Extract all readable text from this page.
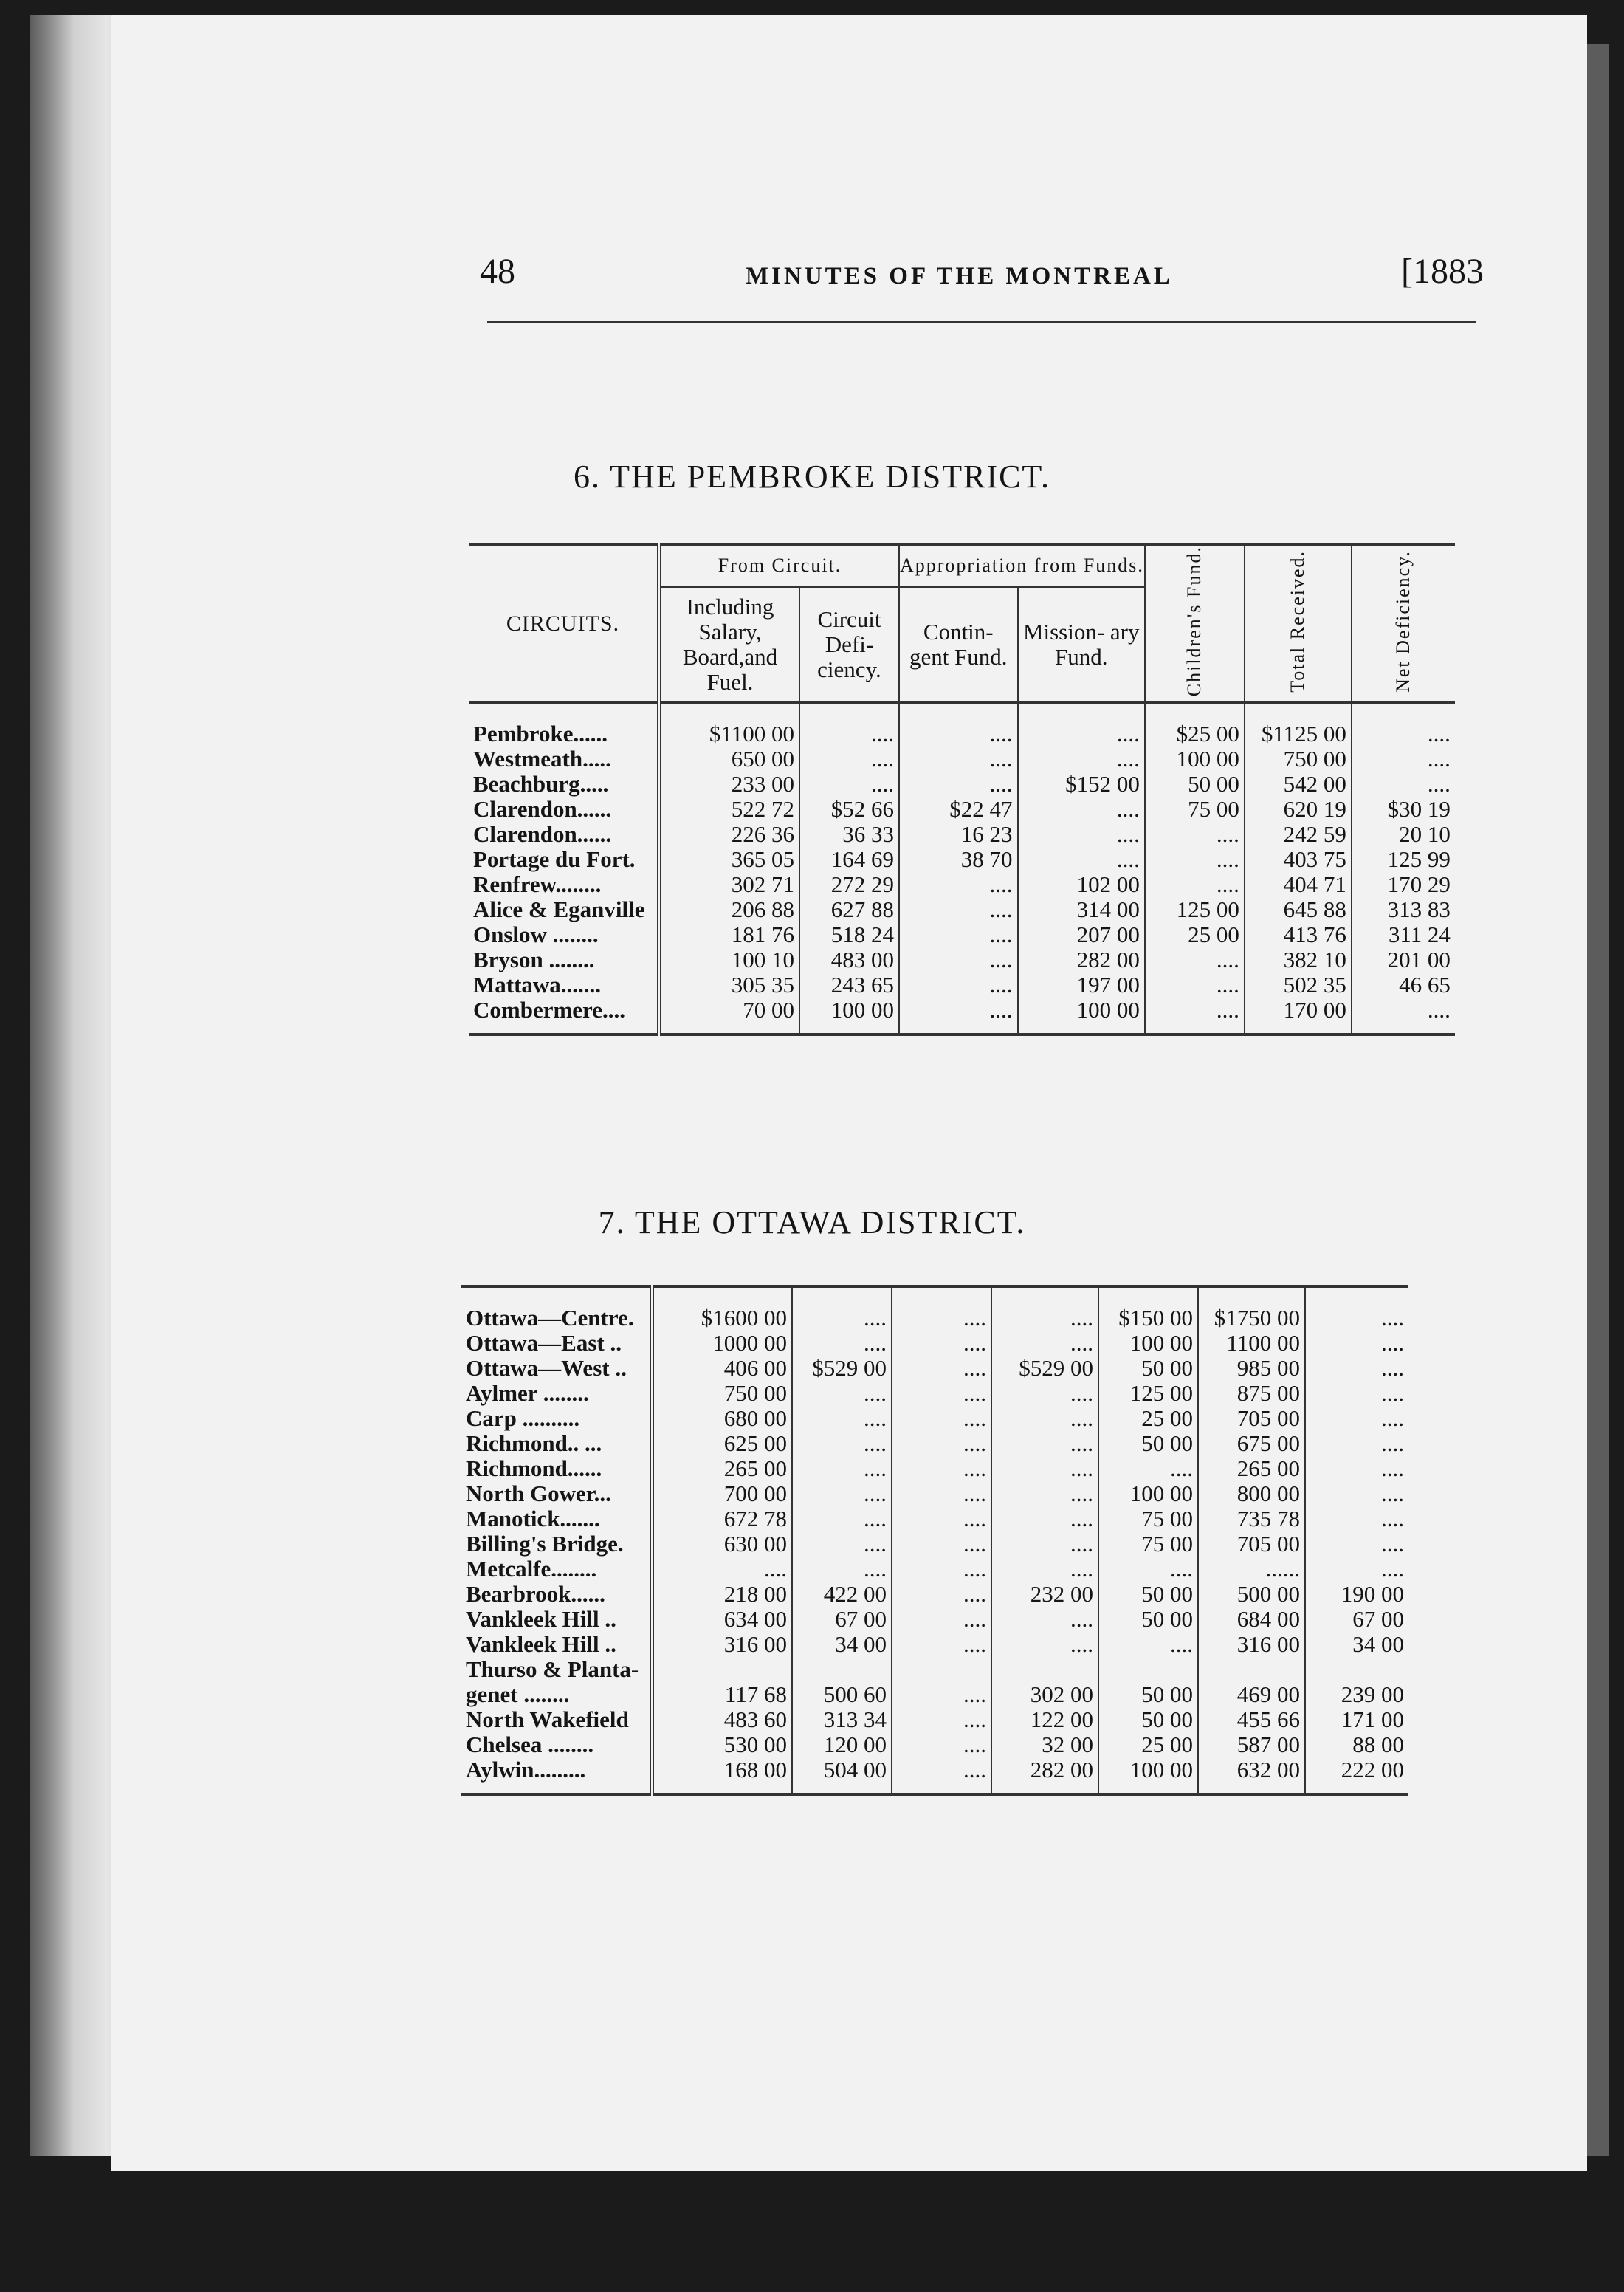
48	MINUTES OF THE MONTREAL	[1883
6. THE PEMBROKE DISTRICT.
CIRCUITS.	From Circuit.		Appropriation from Funds.		Children's Fund.	Total Received.	Net Deficiency.
	Including Salary, Board,and Fuel.	Circuit Defi- ciency.	Contin- gent Fund.	Mission- ary Fund.			

Pembroke......	$1100 00	....	....	....	$25 00	$1125 00	....
Westmeath.....	650 00	....	....	....	100 00	750 00	....
Beachburg.....	233 00	....	....	$152 00	50 00	542 00	....
Clarendon......	522 72	$52 66	$22 47	....	75 00	620 19	$30 19
Clarendon......	226 36	36 33	16 23	....	....	242 59	20 10
Portage du Fort.	365 05	164 69	38 70	....	....	403 75	125 99
Renfrew........	302 71	272 29	....	102 00	....	404 71	170 29
Alice & Eganville	206 88	627 88	....	314 00	125 00	645 88	313 83
Onslow ........	181 76	518 24	....	207 00	25 00	413 76	311 24
Bryson ........	100 10	483 00	....	282 00	....	382 10	201 00
Mattawa.......	305 35	243 65	....	197 00	....	502 35	46 65
Combermere....	70 00	100 00	....	100 00	....	170 00	....

7. THE OTTAWA DISTRICT.

Ottawa—Centre.	$1600 00	....	....	....	$150 00	$1750 00	....
Ottawa—East ..	1000 00	....	....	....	100 00	1100 00	....
Ottawa—West ..	406 00	$529 00	....	$529 00	50 00	985 00	....
Aylmer ........	750 00	....	....	....	125 00	875 00	....
Carp ..........	680 00	....	....	....	25 00	705 00	....
Richmond.. ...	625 00	....	....	....	50 00	675 00	....
Richmond......	265 00	....	....	....	....	265 00	....
North Gower...	700 00	....	....	....	100 00	800 00	....
Manotick.......	672 78	....	....	....	75 00	735 78	....
Billing's Bridge.	630 00	....	....	....	75 00	705 00	....
Metcalfe........	....	....	....	....	....	......	....
Bearbrook......	218 00	422 00	....	232 00	50 00	500 00	190 00
Vankleek Hill ..	634 00	67 00	....	....	50 00	684 00	67 00
Vankleek Hill ..	316 00	34 00	....	....	....	316 00	34 00
Thurso & Planta-							
genet ........	117 68	500 60	....	302 00	50 00	469 00	239 00
North Wakefield	483 60	313 34	....	122 00	50 00	455 66	171 00
Chelsea ........	530 00	120 00	....	32 00	25 00	587 00	88 00
Aylwin.........	168 00	504 00	....	282 00	100 00	632 00	222 00
